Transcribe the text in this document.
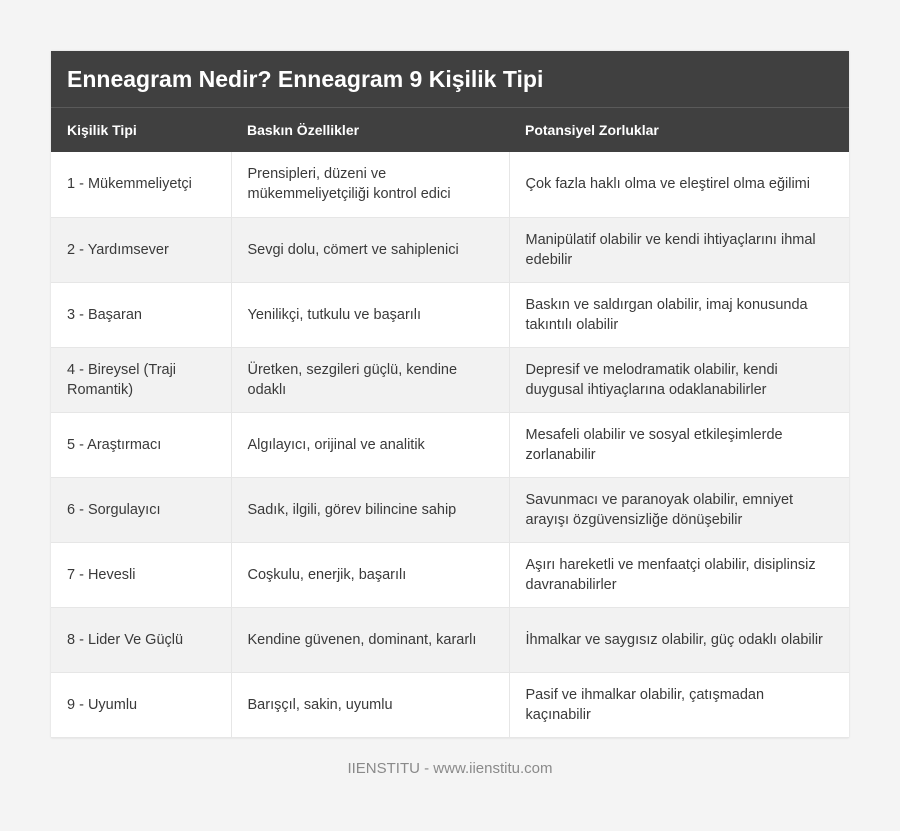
Enneagram Nedir? Enneagram 9 Kişilik Tipi
Kişilik Tipi	Baskın Özellikler	Potansiyel Zorluklar
1 - Mükemmeliyetçi	Prensipleri, düzeni ve mükemmeliyetçiliği kontrol edici	Çok fazla haklı olma ve eleştirel olma eğilimi
2 - Yardımsever	Sevgi dolu, cömert ve sahiplenici	Manipülatif olabilir ve kendi ihtiyaçlarını ihmal edebilir
3 - Başaran	Yenilikçi, tutkulu ve başarılı	Baskın ve saldırgan olabilir, imaj konusunda takıntılı olabilir
4 - Bireysel (Traji Romantik)	Üretken, sezgileri güçlü, kendine odaklı	Depresif ve melodramatik olabilir, kendi duygusal ihtiyaçlarına odaklanabilirler
5 - Araştırmacı	Algılayıcı, orijinal ve analitik	Mesafeli olabilir ve sosyal etkileşimlerde zorlanabilir
6 - Sorgulayıcı	Sadık, ilgili, görev bilincine sahip	Savunmacı ve paranoyak olabilir, emniyet arayışı özgüvensizliğe dönüşebilir
7 - Hevesli	Coşkulu, enerjik, başarılı	Aşırı hareketli ve menfaatçi olabilir, disiplinsiz davranabilirler
8 - Lider Ve Güçlü	Kendine güvenen, dominant, kararlı	İhmalkar ve saygısız olabilir, güç odaklı olabilir
9 - Uyumlu	Barışçıl, sakin, uyumlu	Pasif ve ihmalkar olabilir, çatışmadan kaçınabilir
IIENSTITU - www.iienstitu.com
